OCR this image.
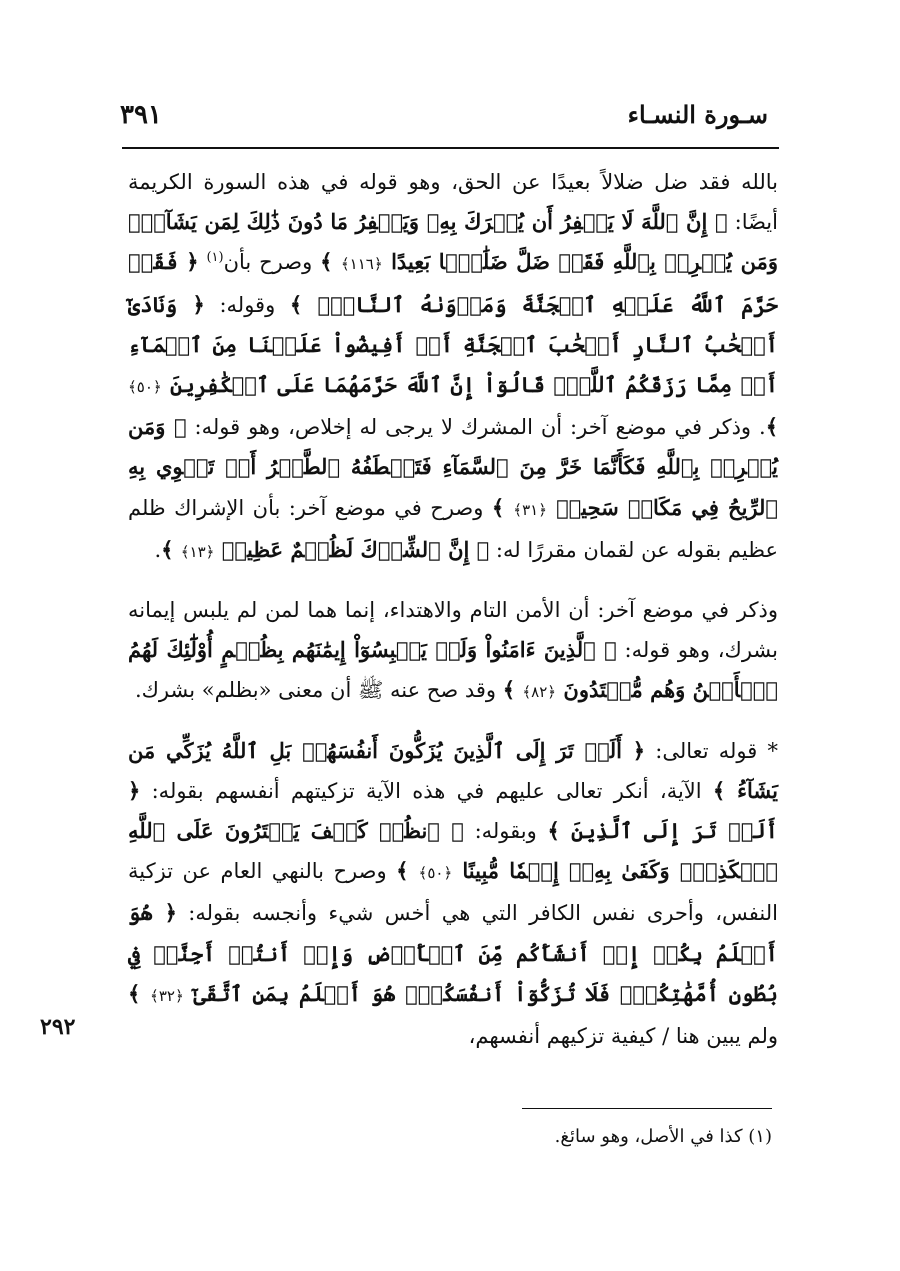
٣٩١	سـورة النسـاء

بالله فقد ضل ضلالاً بعيدًا عن الحق، وهو قوله في هذه السورة الكريمة أيضًا: ﴿ إِنَّ ٱللَّهَ لَا يَغۡفِرُ أَن يُشۡرَكَ بِهِۦ وَيَغۡفِرُ مَا دُونَ ذَٰلِكَ لِمَن يَشَآءُۚ وَمَن يُشۡرِكۡ بِٱللَّهِ فَقَدۡ ضَلَّ ضَلَٰلَۢا بَعِيدًا ﴿١١٦﴾ ﴾ وصرح بأن$^{(١)}$ ﴿ فَقَدۡ حَرَّمَ ٱللَّهُ عَلَيۡهِ ٱلۡجَنَّةَ وَمَأۡوَىٰهُ ٱلنَّارُۖ ﴾ وقوله: ﴿ وَنَادَىٰٓ أَصۡحَٰبُ ٱلنَّارِ أَصۡحَٰبَ ٱلۡجَنَّةِ أَنۡ أَفِيضُواْ عَلَيۡنَا مِنَ ٱلۡمَآءِ أَوۡ مِمَّا رَزَقَكُمُ ٱللَّهُۚ قَالُوٓاْ إِنَّ ٱللَّهَ حَرَّمَهُمَا عَلَى ٱلۡكَٰفِرِينَ ﴿٥٠﴾ ﴾. وذكر في موضع آخر: أن المشرك لا يرجى له إخلاص، وهو قوله: ﴿ وَمَن يُشۡرِكۡ بِٱللَّهِ فَكَأَنَّمَا خَرَّ مِنَ ٱلسَّمَآءِ فَتَخۡطَفُهُ ٱلطَّيۡرُ أَوۡ تَهۡوِي بِهِ ٱلرِّيحُ فِي مَكَانٖ سَحِيقٖ ﴿٣١﴾ ﴾ وصرح في موضع آخر: بأن الإشراك ظلم عظيم بقوله عن لقمان مقررًا له: ﴿ إِنَّ ٱلشِّرۡكَ لَظُلۡمٌ عَظِيمٞ ﴿١٣﴾ ﴾.

وذكر في موضع آخر: أن الأمن التام والاهتداء، إنما هما لمن لم يلبس إيمانه بشرك، وهو قوله: ﴿ ٱلَّذِينَ ءَامَنُواْ وَلَمۡ يَلۡبِسُوٓاْ إِيمَٰنَهُم بِظُلۡمٍ أُوْلَٰٓئِكَ لَهُمُ ٱلۡأَمۡنُ وَهُم مُّهۡتَدُونَ ﴿٨٢﴾ ﴾ وقد صح عنه ﷺ أن معنى «بظلم» بشرك.

* قوله تعالى: ﴿ أَلَمۡ تَرَ إِلَى ٱلَّذِينَ يُزَكُّونَ أَنفُسَهُمۚ بَلِ ٱللَّهُ يُزَكِّي مَن يَشَآءُ ﴾ الآية، أنكر تعالى عليهم في هذه الآية تزكيتهم أنفسهم بقوله: ﴿ أَلَمۡ تَرَ إِلَى ٱلَّذِينَ ﴾ وبقوله: ﴿ ٱنظُرۡ كَيۡفَ يَفۡتَرُونَ عَلَى ٱللَّهِ ٱلۡكَذِبَۖ وَكَفَىٰ بِهِۦٓ إِثۡمٗا مُّبِينًا ﴿٥٠﴾ ﴾ وصرح بالنهي العام عن تزكية النفس، وأحرى نفس الكافر التي هي أخس شيء وأنجسه بقوله: ﴿ هُوَ أَعۡلَمُ بِكُمۡ إِذۡ أَنشَأَكُم مِّنَ ٱلۡأَرۡضِ وَإِذۡ أَنتُمۡ أَجِنَّةٞ فِي بُطُونِ أُمَّهَٰتِكُمۡۖ فَلَا تُزَكُّوٓاْ أَنفُسَكُمۡۖ هُوَ أَعۡلَمُ بِمَنِ ٱتَّقَىٰٓ ﴿٣٢﴾ ﴾ ولم يبين هنا / كيفية تزكيهم أنفسهم،

٢٩٢
(١) كذا في الأصل، وهو سائغ.
